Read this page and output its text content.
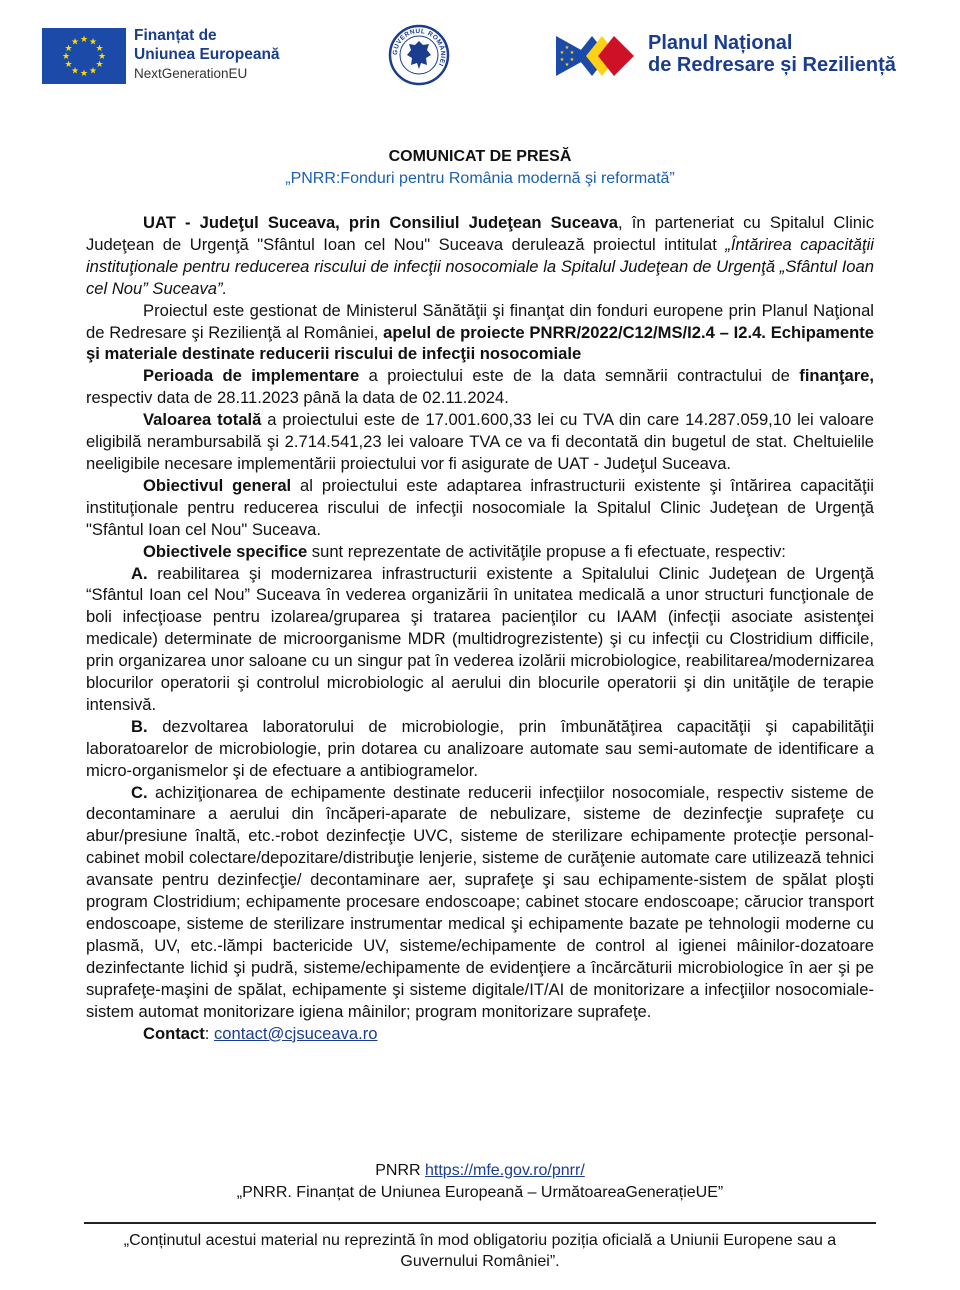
★ ★
★
★
★
★
★
★
★
★
★
★	Finanțat de
Uniunea Europeană
NextGenerationEU
GUVERNUL ROMÂNIEI
★
★
★
★
★
★	Planul Național
de Redresare și Reziliență
COMUNICAT DE PRESĂ
„PNRR:Fonduri pentru România modernă şi reformată”

UAT - Judeţul Suceava, prin Consiliul Judeţean Suceava, în parteneriat cu Spitalul Clinic Judeţean de Urgenţă "Sfântul Ioan cel Nou" Suceava derulează proiectul intitulat „Întărirea capacităţii instituţionale pentru reducerea riscului de infecţii nosocomiale la Spitalul Judeţean de Urgenţă „Sfântul Ioan cel Nou” Suceava”.

Proiectul este gestionat de Ministerul Sănătăţii şi finanţat din fonduri europene prin Planul Naţional de Redresare şi Rezilienţă al României, apelul de proiecte PNRR/2022/C12/MS/I2.4 – I2.4. Echipamente şi materiale destinate reducerii riscului de infecţii nosocomiale

Perioada de implementare a proiectului este de la data semnării contractului de finanţare, respectiv data de 28.11.2023 până la data de 02.11.2024.

Valoarea totală a proiectului este de 17.001.600,33 lei cu TVA din care 14.287.059,10 lei valoare eligibilă nerambursabilă şi 2.714.541,23 lei valoare TVA ce va fi decontată din bugetul de stat. Cheltuielile neeligibile necesare implementării proiectului vor fi asigurate de UAT - Judeţul Suceava.

Obiectivul general al proiectului este adaptarea infrastructurii existente şi întărirea capacităţii instituţionale pentru reducerea riscului de infecţii nosocomiale la Spitalul Clinic Judeţean de Urgenţă "Sfântul Ioan cel Nou" Suceava.

Obiectivele specifice sunt reprezentate de activităţile propuse a fi efectuate, respectiv:

A. reabilitarea şi modernizarea infrastructurii existente a Spitalului Clinic Judeţean de Urgenţă “Sfântul Ioan cel Nou” Suceava în vederea organizării în unitatea medicală a unor structuri funcţionale de boli infecţioase pentru izolarea/gruparea şi tratarea pacienţilor cu IAAM (infecţii asociate asistenţei medicale) determinate de microorganisme MDR (multidrogrezistente) şi cu infecţii cu Clostridium difficile, prin organizarea unor saloane cu un singur pat în vederea izolării microbiologice, reabilitarea/modernizarea blocurilor operatorii şi controlul microbiologic al aerului din blocurile operatorii şi din unităţile de terapie intensivă.

B. dezvoltarea laboratorului de microbiologie, prin îmbunătăţirea capacităţii şi capabilităţii laboratoarelor de microbiologie, prin dotarea cu analizoare automate sau semi-automate de identificare a micro-organismelor şi de efectuare a antibiogramelor.

C. achiziţionarea de echipamente destinate reducerii infecţiilor nosocomiale, respectiv sisteme de decontaminare a aerului din încăperi-aparate de nebulizare, sisteme de dezinfecţie suprafeţe cu abur/presiune înaltă, etc.-robot dezinfecţie UVC, sisteme de sterilizare echipamente protecţie personal-cabinet mobil colectare/depozitare/distribuţie lenjerie, sisteme de curăţenie automate care utilizează tehnici avansate pentru dezinfecţie/ decontaminare aer, suprafeţe şi sau echipamente-sistem de spălat ploşti program Clostridium; echipamente procesare endoscoape; cabinet stocare endoscoape; cărucior transport endoscoape, sisteme de sterilizare instrumentar medical şi echipamente bazate pe tehnologii moderne cu plasmă, UV, etc.-lămpi bactericide UV, sisteme/echipamente de control al igienei mâinilor-dozatoare dezinfectante lichid şi pudră, sisteme/echipamente de evidenţiere a încărcăturii microbiologice în aer şi pe suprafeţe-maşini de spălat, echipamente şi sisteme digitale/IT/AI de monitorizare a infecţiilor nosocomiale-sistem automat monitorizare igiena mâinilor; program monitorizare suprafeţe.

Contact: contact@cjsuceava.ro

PNRR https://mfe.gov.ro/pnrr/
„PNRR. Finanțat de Uniunea Europeană – UrmătoareaGenerațieUE”
„Conținutul acestui material nu reprezintă în mod obligatoriu poziția oficială a Uniunii Europene sau a Guvernului României”.
